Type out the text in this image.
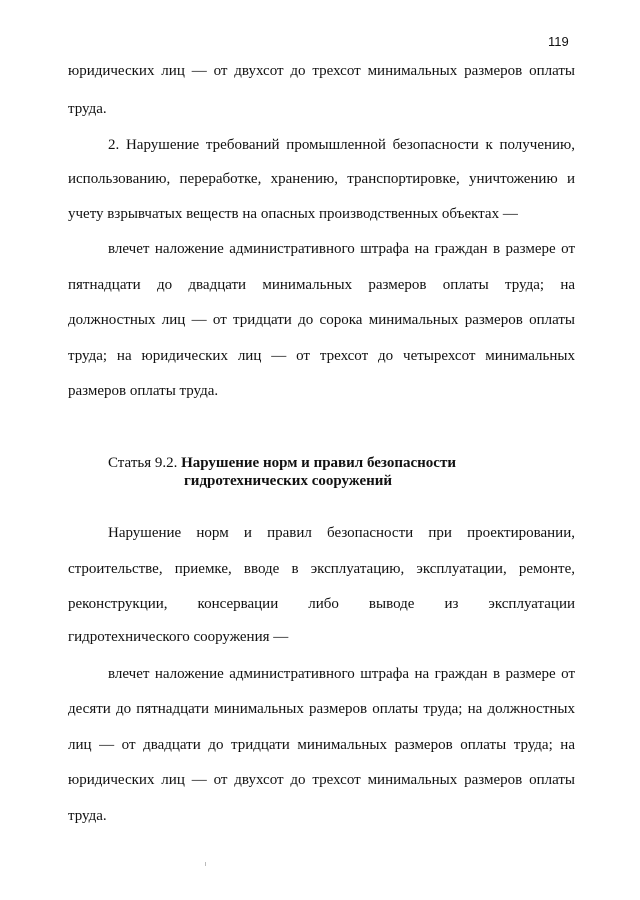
119
юридических лиц — от двухсот до трехсот минимальных размеров оплаты
труда.
2. Нарушение требований промышленной безопасности к получению,
использованию, переработке, хранению, транспортировке, уничтожению и
учету взрывчатых веществ на опасных производственных объектах —
влечет наложение административного штрафа на граждан в размере от
пятнадцати до двадцати минимальных размеров оплаты труда; на
должностных лиц — от тридцати до сорока минимальных размеров оплаты
труда; на юридических лиц — от трехсот до четырехсот минимальных
размеров оплаты труда.
Статья 9.2. Нарушение норм и правил безопасности
гидротехнических сооружений
Нарушение норм и правил безопасности при проектировании,
строительстве, приемке, вводе в эксплуатацию, эксплуатации, ремонте,
реконструкции, консервации либо выводе из эксплуатации
гидротехнического сооружения —
влечет наложение административного штрафа на граждан в размере от
десяти до пятнадцати минимальных размеров оплаты труда; на должностных
лиц — от двадцати до тридцати минимальных размеров оплаты труда; на
юридических лиц — от двухсот до трехсот минимальных размеров оплаты
труда.
